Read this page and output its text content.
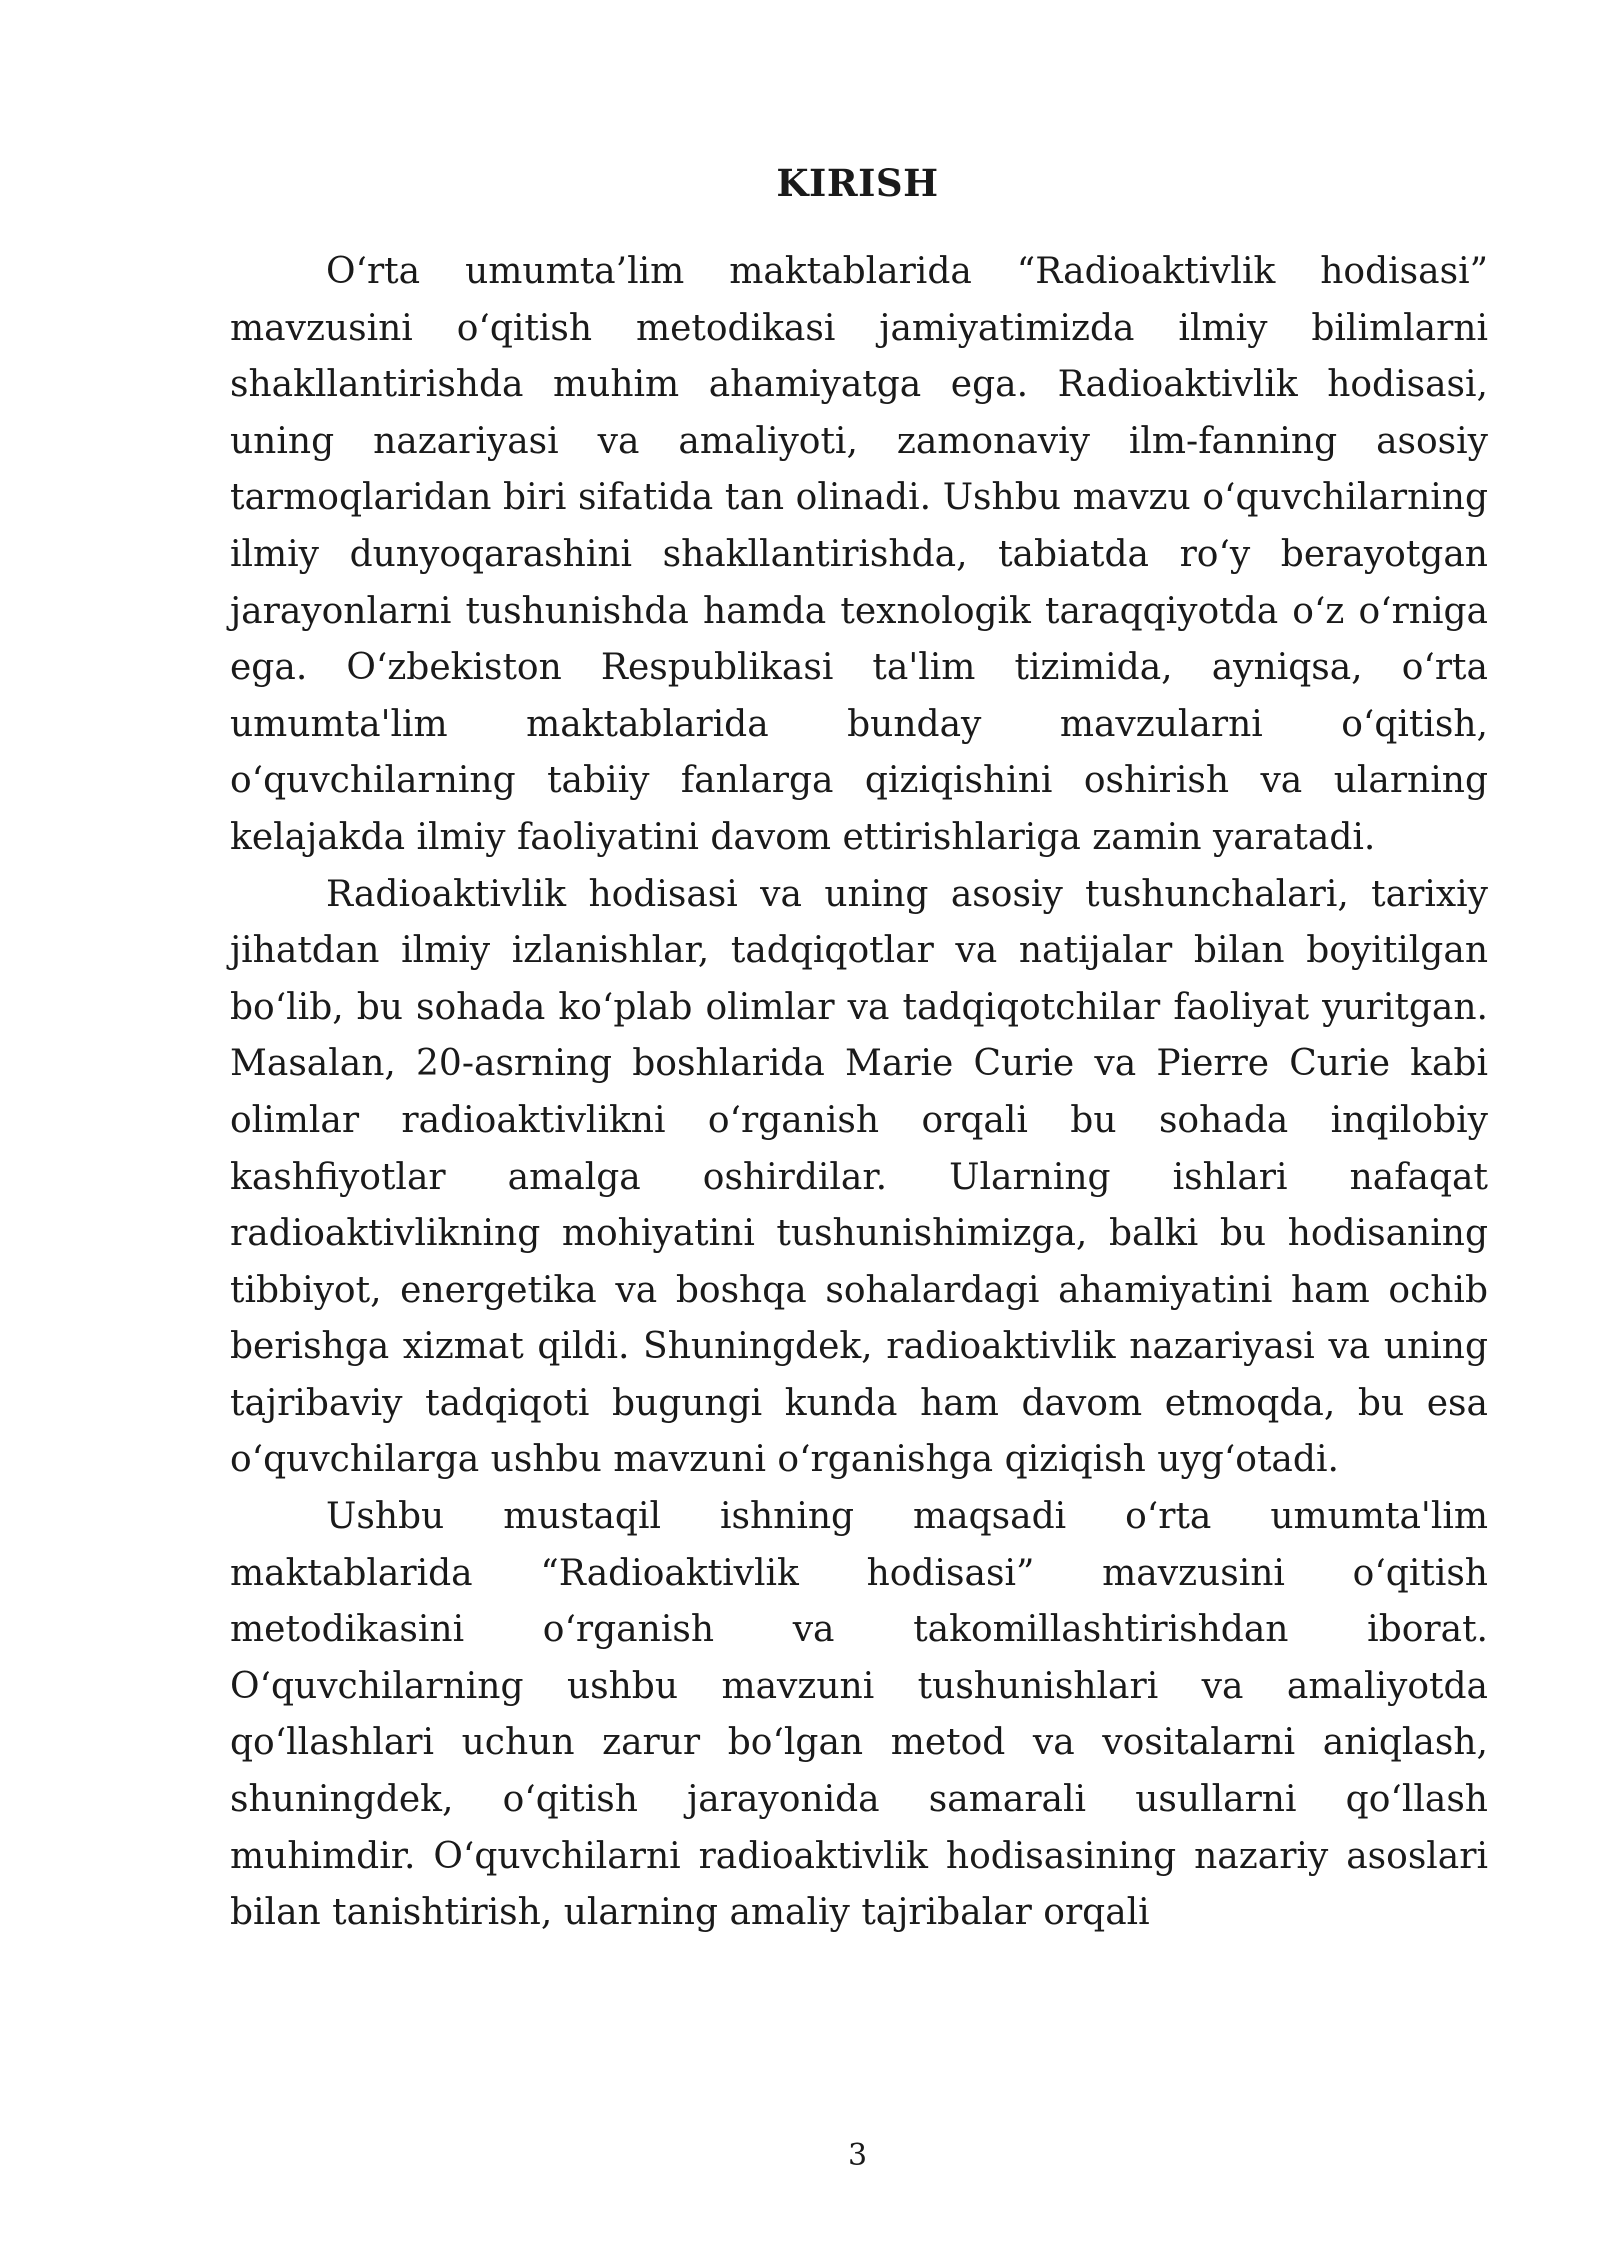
KIRISH

O‘rta umumta’lim maktablarida “Radioaktivlik hodisasi” mavzusini o‘qitish metodikasi jamiyatimizda ilmiy bilimlarni shakllantirishda muhim ahamiyatga ega. Radioaktivlik hodisasi, uning nazariyasi va amaliyoti, zamonaviy ilm-fanning asosiy tarmoqlaridan biri sifatida tan olinadi. Ushbu mavzu o‘quvchilarning ilmiy dunyoqarashini shakllantirishda, tabiatda ro‘y berayotgan jarayonlarni tushunishda hamda texnologik taraqqiyotda o‘z o‘rniga ega. O‘zbekiston Respublikasi ta'lim tizimida, ayniqsa, o‘rta umumta'lim maktablarida bunday mavzularni o‘qitish, o‘quvchilarning tabiiy fanlarga qiziqishini oshirish va ularning kelajakda ilmiy faoliyatini davom ettirishlariga zamin yaratadi.

Radioaktivlik hodisasi va uning asosiy tushunchalari, tarixiy jihatdan ilmiy izlanishlar, tadqiqotlar va natijalar bilan boyitilgan bo‘lib, bu sohada ko‘plab olimlar va tadqiqotchilar faoliyat yuritgan. Masalan, 20-asrning boshlarida Marie Curie va Pierre Curie kabi olimlar radioaktivlikni o‘rganish orqali bu sohada inqilobiy kashfiyotlar amalga oshirdilar. Ularning ishlari nafaqat radioaktivlikning mohiyatini tushunishimizga, balki bu hodisaning tibbiyot, energetika va boshqa sohalardagi ahamiyatini ham ochib berishga xizmat qildi. Shuningdek, radioaktivlik nazariyasi va uning tajribaviy tadqiqoti bugungi kunda ham davom etmoqda, bu esa o‘quvchilarga ushbu mavzuni o‘rganishga qiziqish uyg‘otadi.

Ushbu mustaqil ishning maqsadi o‘rta umumta'lim maktablarida “Radioaktivlik hodisasi” mavzusini o‘qitish metodikasini o‘rganish va takomillashtirishdan iborat. O‘quvchilarning ushbu mavzuni tushunishlari va amaliyotda qo‘llashlari uchun zarur bo‘lgan metod va vositalarni aniqlash, shuningdek, o‘qitish jarayonida samarali usullarni qo‘llash muhimdir. O‘quvchilarni radioaktivlik hodisasining nazariy asoslari bilan tanishtirish, ularning amaliy tajribalar orqali

3
